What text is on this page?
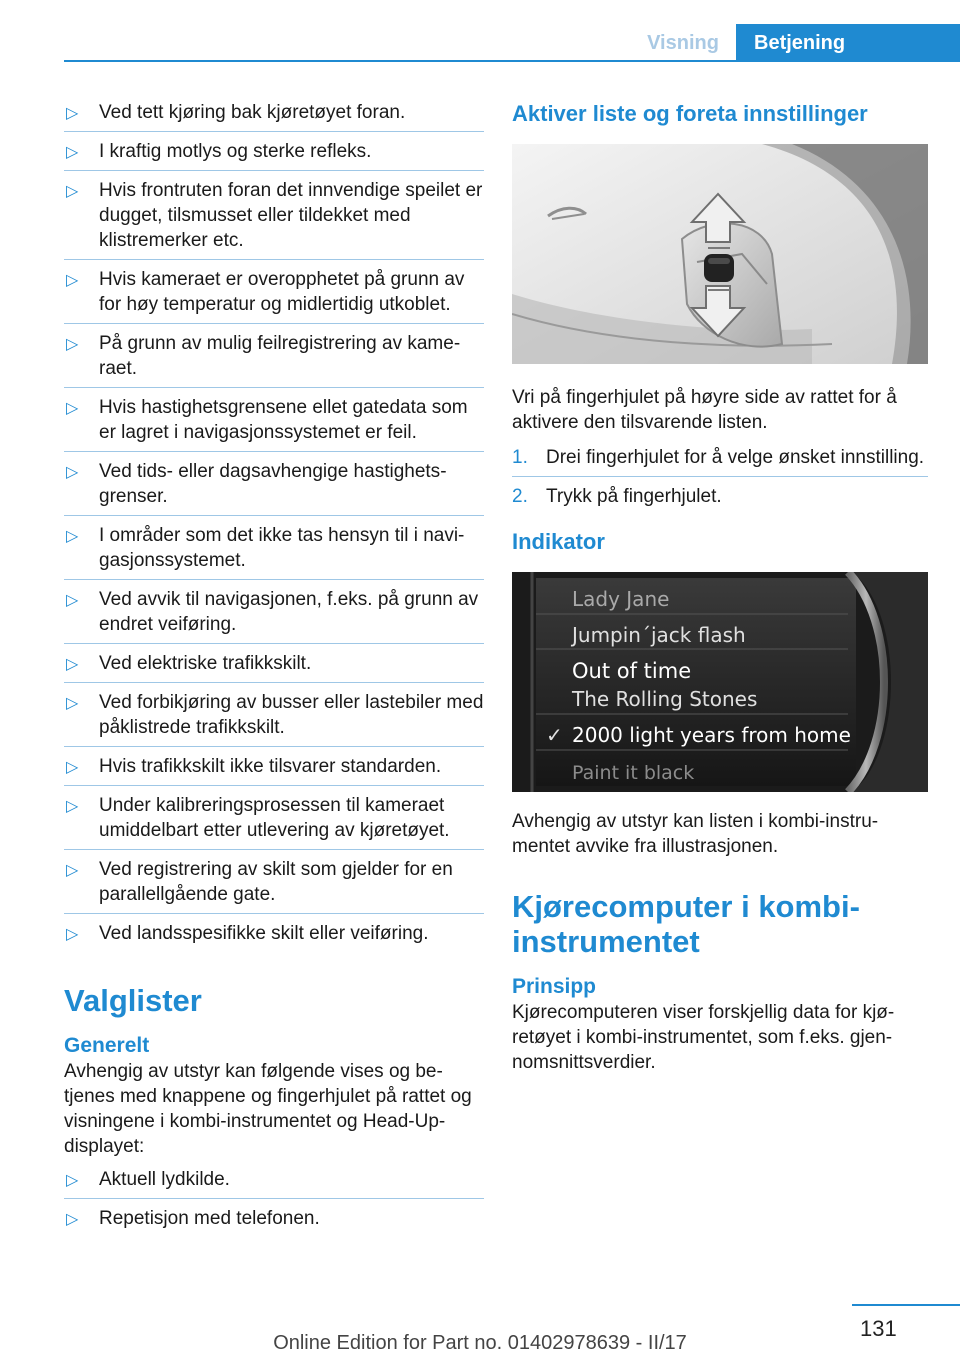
Visning	Betjening
▷ Ved tett kjøring bak kjøretøyet foran.
▷ I kraftig motlys og sterke refleks.
▷ Hvis frontruten foran det innvendige speilet er dugget, tilsmusset eller tildekket med klistremerker etc.
▷ Hvis kameraet er overopphetet på grunn av for høy temperatur og midlertidig utkoblet.
▷ På grunn av mulig feilregistrering av kameraet.
▷ Hvis hastighetsgrensene ellet gatedata som er lagret i navigasjonssystemet er feil.
▷ Ved tids- eller dagsavhengige hastighetsgrenser.
▷ I områder som det ikke tas hensyn til i navigasjonssystemet.
▷ Ved avvik til navigasjonen, f.eks. på grunn av endret veiføring.
▷ Ved elektriske trafikkskilt.
▷ Ved forbikjøring av busser eller lastebiler med påklistrede trafikkskilt.
▷ Hvis trafikkskilt ikke tilsvarer standarden.
▷ Under kalibreringsprosessen til kameraet umiddelbart etter utlevering av kjøretøyet.
▷ Ved registrering av skilt som gjelder for en parallellgående gate.
▷ Ved landsspesifikke skilt eller veiføring.
Valglister
Generelt

Avhengig av utstyr kan følgende vises og betjenes med knappene og fingerhjulet på rattet og visningene i kombi-instrumentet og Head-Up-displayet:

▷ Aktuell lydkilde.
▷ Repetisjon med telefonen.
Aktiver liste og foreta innstillinger

Vri på fingerhjulet på høyre side av rattet for å aktivere den tilsvarende listen.

1. Drei fingerhjulet for å velge ønsket innstilling.
2. Trykk på fingerhjulet.
Indikator
Lady Jane
Jumpin´jack flash
Out of time
The Rolling Stones
✓ 2000 light years from home
Paint it black

Avhengig av utstyr kan listen i kombi-instrumentet avvike fra illustrasjonen.

Kjørecomputer i kombiinstrumentet
Prinsipp

Kjørecomputeren viser forskjellig data for kjøretøyet i kombi-instrumentet, som f.eks. gjennomsnittsverdier.

131
Online Edition for Part no. 01402978639 - II/17
